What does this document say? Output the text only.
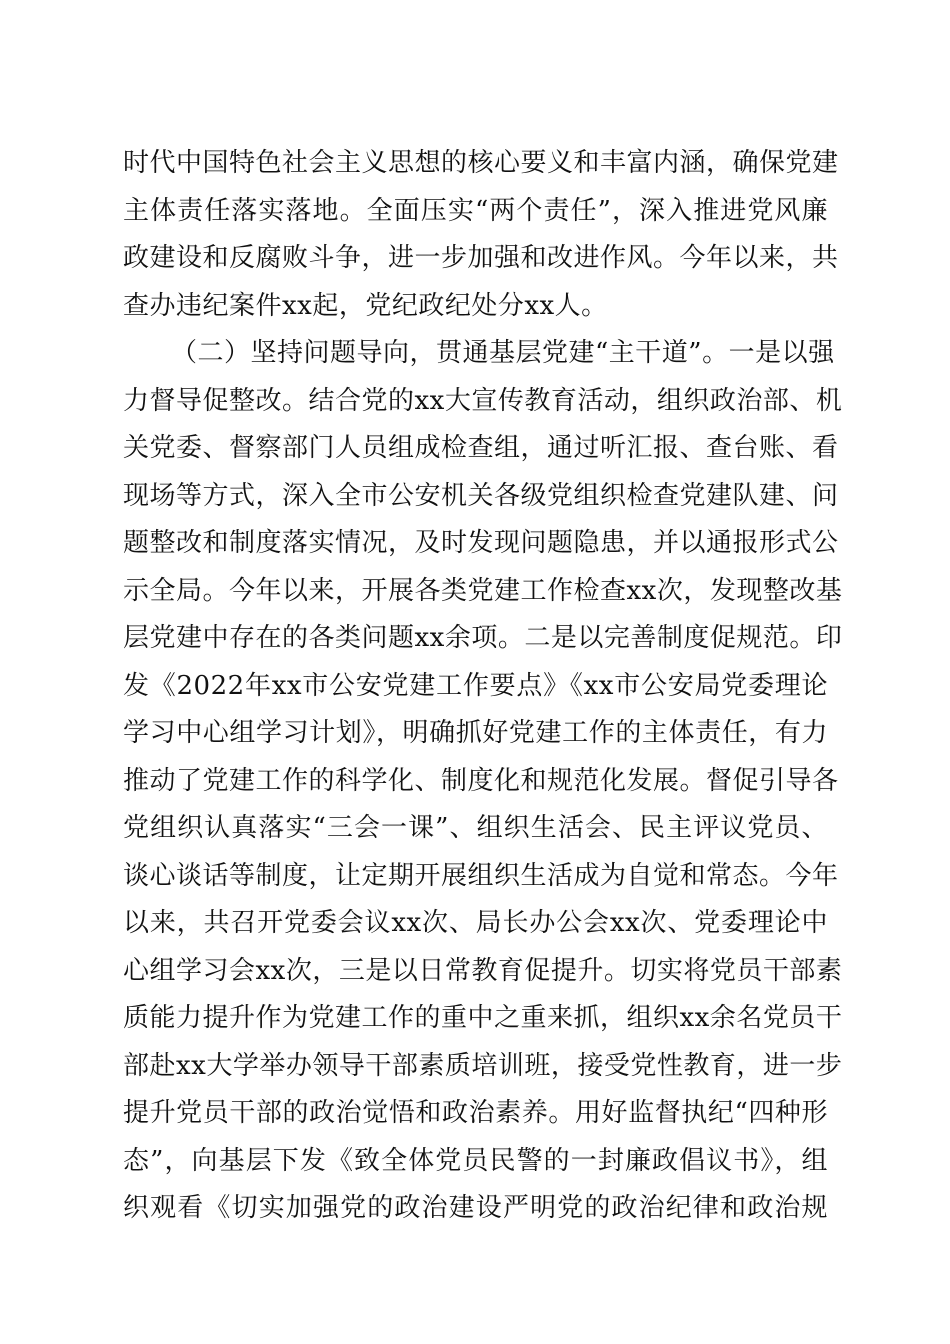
时代中国特色社会主义思想的核心要义和丰富内涵，确保党建
主体责任落实落地。全面压实“两个责任”，深入推进党风廉
政建设和反腐败斗争，进一步加强和改进作风。今年以来，共
查办违纪案件xx起，党纪政纪处分xx人。
（二）坚持问题导向，贯通基层党建“主干道”。一是以强
力督导促整改。结合党的xx大宣传教育活动，组织政治部、机
关党委、督察部门人员组成检查组，通过听汇报、查台账、看
现场等方式，深入全市公安机关各级党组织检查党建队建、问
题整改和制度落实情况，及时发现问题隐患，并以通报形式公
示全局。今年以来，开展各类党建工作检查xx次，发现整改基
层党建中存在的各类问题xx余项。二是以完善制度促规范。印
发《2022年xx市公安党建工作要点》《xx市公安局党委理论
学习中心组学习计划》，明确抓好党建工作的主体责任，有力
推动了党建工作的科学化、制度化和规范化发展。督促引导各
党组织认真落实“三会一课”、组织生活会、民主评议党员、
谈心谈话等制度，让定期开展组织生活成为自觉和常态。今年
以来，共召开党委会议xx次、局长办公会xx次、党委理论中
心组学习会xx次，三是以日常教育促提升。切实将党员干部素
质能力提升作为党建工作的重中之重来抓，组织xx余名党员干
部赴xx大学举办领导干部素质培训班，接受党性教育，进一步
提升党员干部的政治觉悟和政治素养。用好监督执纪“四种形
态”，向基层下发《致全体党员民警的一封廉政倡议书》，组
织观看《切实加强党的政治建设严明党的政治纪律和政治规
